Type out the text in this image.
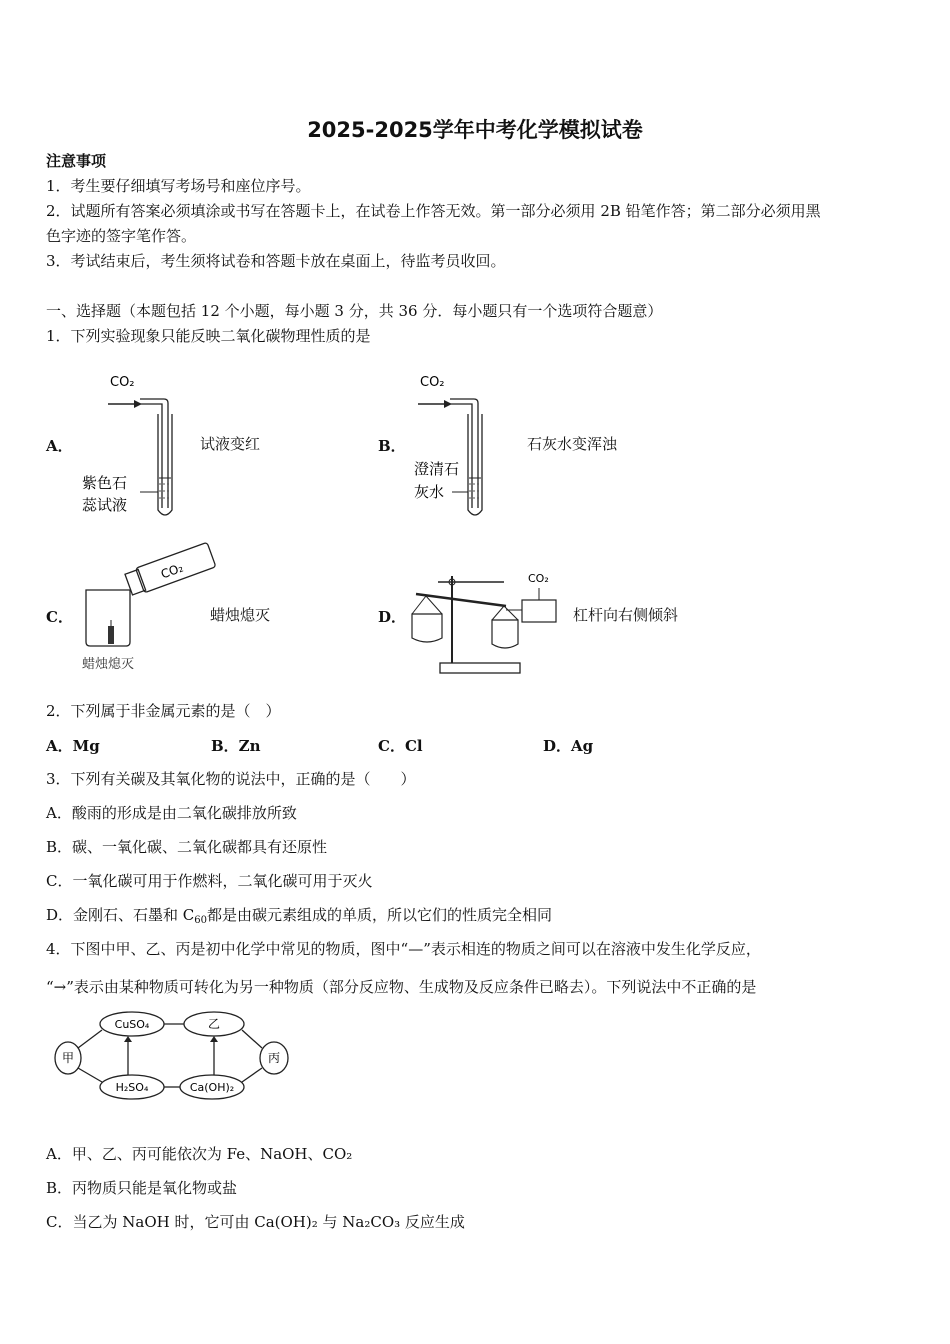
2025-2025学年中考化学模拟试卷
注意事项
1．考生要仔细填写考场号和座位序号。
2．试题所有答案必须填涂或书写在答题卡上，在试卷上作答无效。第一部分必须用 2B 铅笔作答；第二部分必须用黑
色字迹的签字笔作答。
3．考试结束后，考生须将试卷和答题卡放在桌面上，待监考员收回。
一、选择题（本题包括 12 个小题，每小题 3 分，共 36 分．每小题只有一个选项符合题意）
1．下列实验现象只能反映二氧化碳物理性质的是
A．
CO₂
紫色石
蕊试液
试液变红	B．
CO₂
澄清石
灰水
石灰水变浑浊
C．
CO₂
蜡烛熄灭
蜡烛熄灭	D．
CO₂
杠杆向右侧倾斜
2．下列属于非金属元素的是（　）
A．Mg	B．Zn	C．Cl	D．Ag
3．下列有关碳及其氧化物的说法中，正确的是（　　）
A．酸雨的形成是由二氧化碳排放所致
B．碳、一氧化碳、二氧化碳都具有还原性
C．一氧化碳可用于作燃料，二氧化碳可用于灭火
D．金刚石、石墨和 $C_{60}$都是由碳元素组成的单质，所以它们的性质完全相同
4．下图中甲、乙、丙是初中化学中常见的物质，图中“—”表示相连的物质之间可以在溶液中发生化学反应，
“→”表示由某种物质可转化为另一种物质（部分反应物、生成物及反应条件已略去）。下列说法中不正确的是
甲
CuSO₄	乙
H₂SO₄	Ca(OH)₂
丙
A．甲、乙、丙可能依次为 Fe、NaOH、CO₂
B．丙物质只能是氧化物或盐
C．当乙为 NaOH 时，它可由 Ca(OH)₂ 与 Na₂CO₃ 反应生成
